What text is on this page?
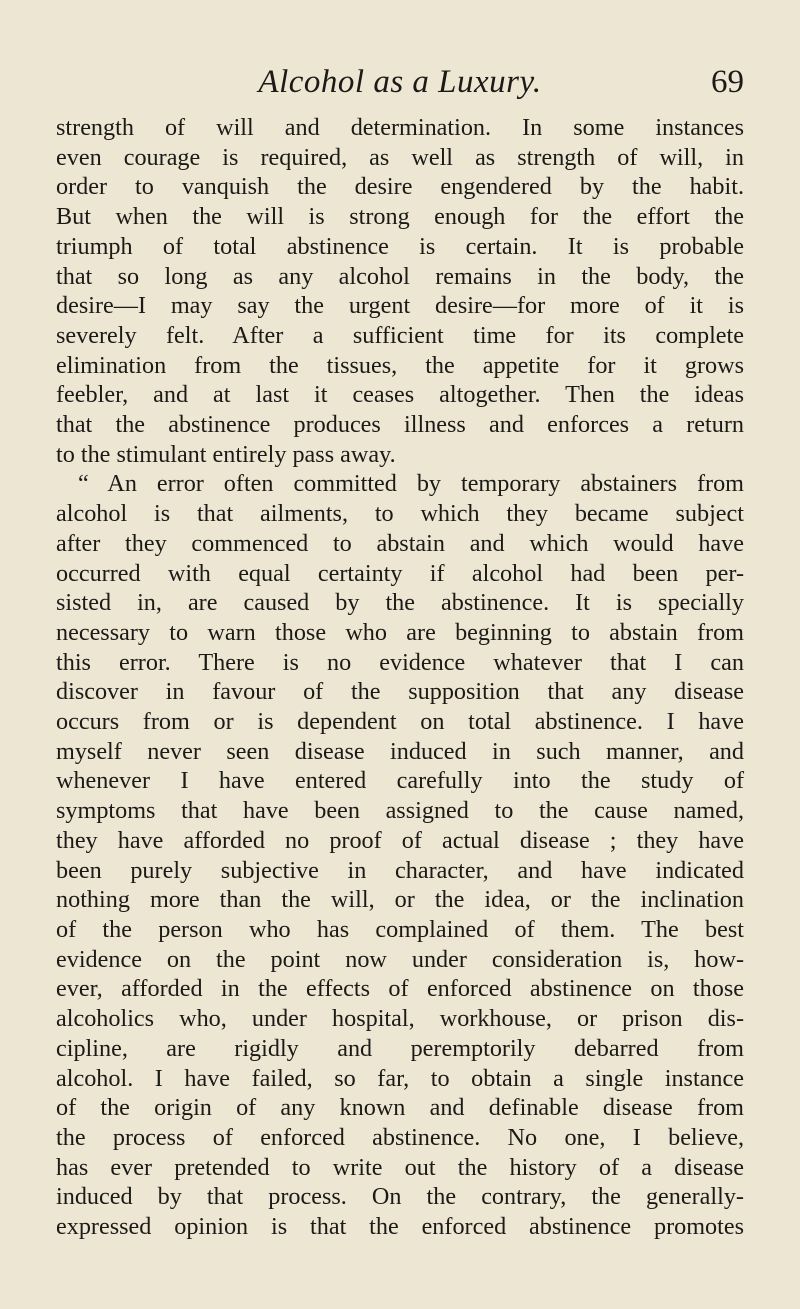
Alcohol as a Luxury.	69
strength of will and determination. In some instances
even courage is required, as well as strength of will, in
order to vanquish the desire engendered by the habit.
But when the will is strong enough for the effort the
triumph of total abstinence is certain. It is probable
that so long as any alcohol remains in the body, the
desire—I may say the urgent desire—for more of it is
severely felt. After a sufficient time for its complete
elimination from the tissues, the appetite for it grows
feebler, and at last it ceases altogether. Then the ideas
that the abstinence produces illness and enforces a return
to the stimulant entirely pass away.
“ An error often committed by temporary abstainers from
alcohol is that ailments, to which they became subject
after they commenced to abstain and which would have
occurred with equal certainty if alcohol had been per-
sisted in, are caused by the abstinence. It is specially
necessary to warn those who are beginning to abstain from
this error. There is no evidence whatever that I can
discover in favour of the supposition that any disease
occurs from or is dependent on total abstinence. I have
myself never seen disease induced in such manner, and
whenever I have entered carefully into the study of
symptoms that have been assigned to the cause named,
they have afforded no proof of actual disease ; they have
been purely subjective in character, and have indicated
nothing more than the will, or the idea, or the inclination
of the person who has complained of them. The best
evidence on the point now under consideration is, how-
ever, afforded in the effects of enforced abstinence on those
alcoholics who, under hospital, workhouse, or prison dis-
cipline, are rigidly and peremptorily debarred from
alcohol. I have failed, so far, to obtain a single instance
of the origin of any known and definable disease from
the process of enforced abstinence. No one, I believe,
has ever pretended to write out the history of a disease
induced by that process. On the contrary, the generally-
expressed opinion is that the enforced abstinence promotes
